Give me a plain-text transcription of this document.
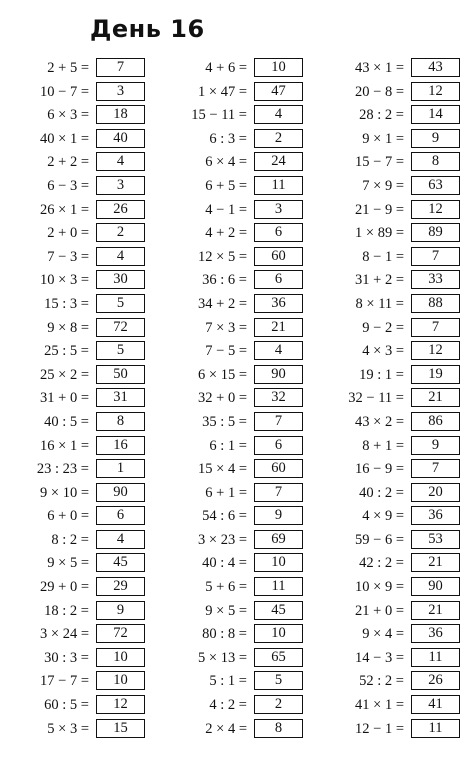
День 16
2 + 5 =	7
10 − 7 =	3
6 × 3 =	18
40 × 1 =	40
2 + 2 =	4
6 − 3 =	3
26 × 1 =	26
2 + 0 =	2
7 − 3 =	4
10 × 3 =	30
15 : 3 =	5
9 × 8 =	72
25 : 5 =	5
25 × 2 =	50
31 + 0 =	31
40 : 5 =	8
16 × 1 =	16
23 : 23 =	1
9 × 10 =	90
6 + 0 =	6
8 : 2 =	4
9 × 5 =	45
29 + 0 =	29
18 : 2 =	9
3 × 24 =	72
30 : 3 =	10
17 − 7 =	10
60 : 5 =	12
5 × 3 =	15
4 + 6 =	10
1 × 47 =	47
15 − 11 =	4
6 : 3 =	2
6 × 4 =	24
6 + 5 =	11
4 − 1 =	3
4 + 2 =	6
12 × 5 =	60
36 : 6 =	6
34 + 2 =	36
7 × 3 =	21
7 − 5 =	4
6 × 15 =	90
32 + 0 =	32
35 : 5 =	7
6 : 1 =	6
15 × 4 =	60
6 + 1 =	7
54 : 6 =	9
3 × 23 =	69
40 : 4 =	10
5 + 6 =	11
9 × 5 =	45
80 : 8 =	10
5 × 13 =	65
5 : 1 =	5
4 : 2 =	2
2 × 4 =	8
43 × 1 =	43
20 − 8 =	12
28 : 2 =	14
9 × 1 =	9
15 − 7 =	8
7 × 9 =	63
21 − 9 =	12
1 × 89 =	89
8 − 1 =	7
31 + 2 =	33
8 × 11 =	88
9 − 2 =	7
4 × 3 =	12
19 : 1 =	19
32 − 11 =	21
43 × 2 =	86
8 + 1 =	9
16 − 9 =	7
40 : 2 =	20
4 × 9 =	36
59 − 6 =	53
42 : 2 =	21
10 × 9 =	90
21 + 0 =	21
9 × 4 =	36
14 − 3 =	11
52 : 2 =	26
41 × 1 =	41
12 − 1 =	11
